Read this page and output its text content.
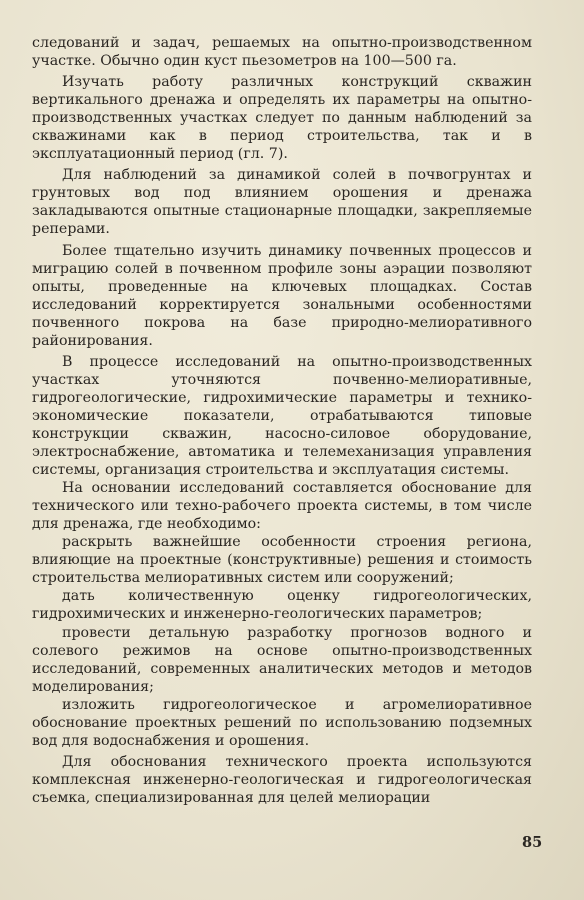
следований и задач, решаемых на опытно-производственном участке. Обычно один куст пьезометров на 100—500 га.

Изучать работу различных конструкций скважин вертикального дренажа и определять их параметры на опытно-производственных участках следует по данным наблюдений за скважинами как в период строительства, так и в эксплуатационный период (гл. 7).

Для наблюдений за динамикой солей в почвогрунтах и грунтовых вод под влиянием орошения и дренажа закладываются опытные стационарные площадки, закрепляемые реперами.

Более тщательно изучить динамику почвенных процессов и миграцию солей в почвенном профиле зоны аэрации позволяют опыты, проведенные на ключевых площадках. Состав исследований корректируется зональными особенностями почвенного покрова на базе природно-мелиоративного районирования.

В процессе исследований на опытно-производственных участках уточняются почвенно-мелиоративные, гидрогеологические, гидрохимические параметры и технико-экономические показатели, отрабатываются типовые конструкции скважин, насосно-силовое оборудование, электроснабжение, автоматика и телемеханизация управления системы, организация строительства и эксплуатация системы.

На основании исследований составляется обоснование для технического или техно-рабочего проекта системы, в том числе для дренажа, где необходимо:

раскрыть важнейшие особенности строения региона, влияющие на проектные (конструктивные) решения и стоимость строительства мелиоративных систем или сооружений;

дать количественную оценку гидрогеологических, гидрохимических и инженерно-геологических параметров;

провести детальную разработку прогнозов водного и солевого режимов на основе опытно-производственных исследований, современных аналитических методов и методов моделирования;

изложить гидрогеологическое и агромелиоративное обоснование проектных решений по использованию подземных вод для водоснабжения и орошения.

Для обоснования технического проекта используются комплексная инженерно-геологическая и гидрогеологическая съемка, специализированная для целей мелиорации

85
